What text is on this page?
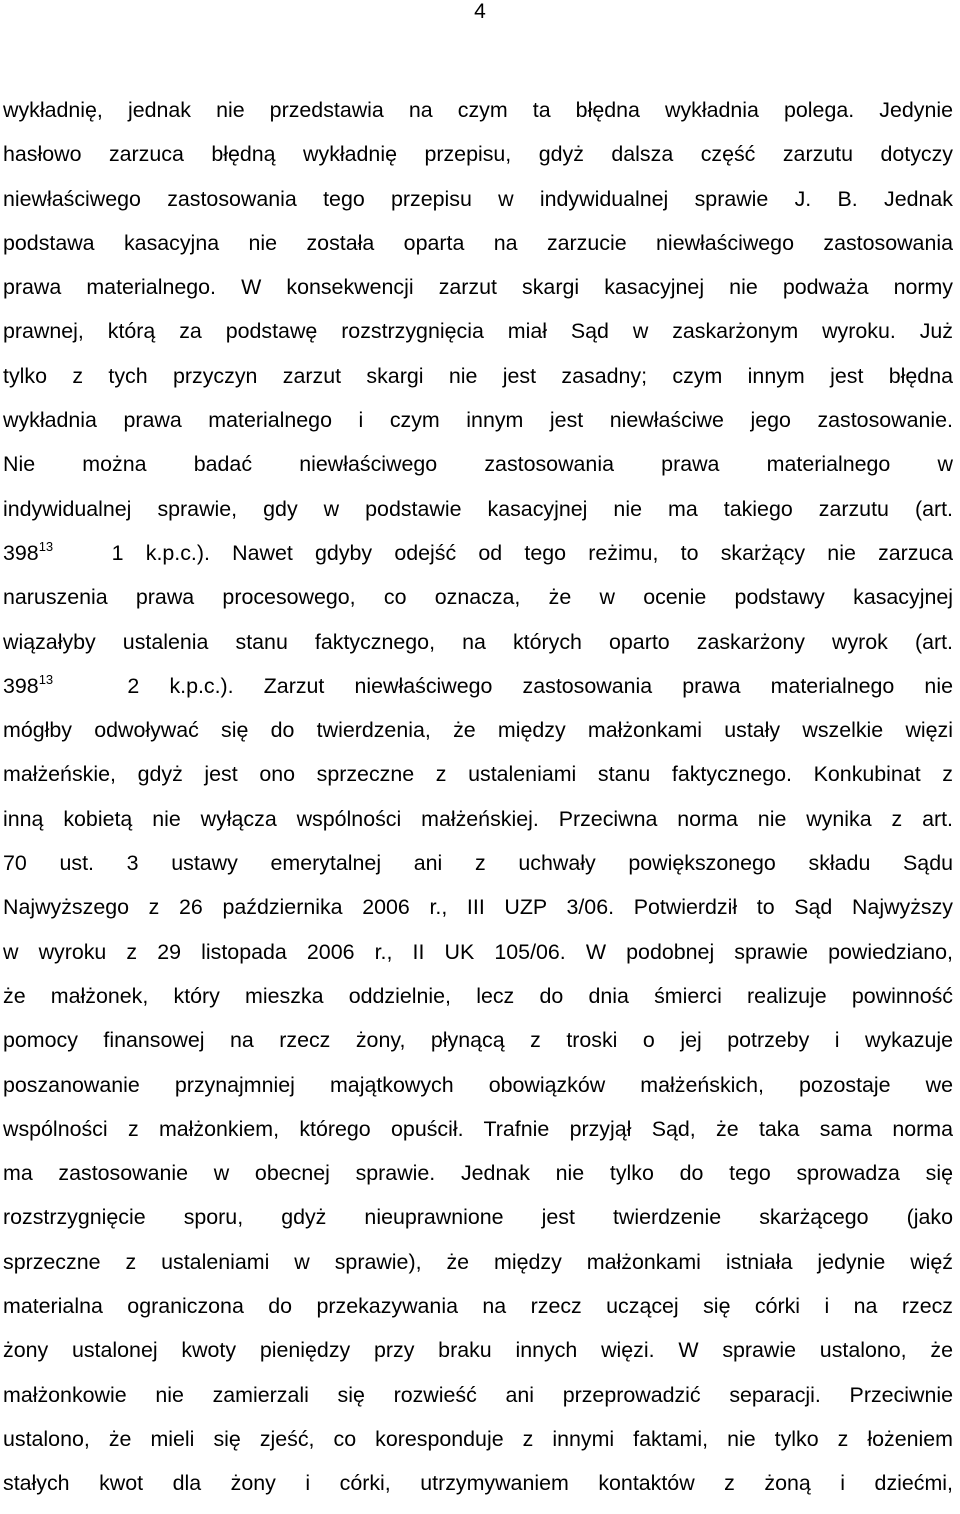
4
wykładnię, jednak nie przedstawia na czym ta błędna wykładnia polega. Jedynie
hasłowo zarzuca błędną wykładnię przepisu, gdyż dalsza część zarzutu dotyczy
niewłaściwego zastosowania tego przepisu w indywidualnej sprawie J. B. Jednak
podstawa kasacyjna nie została oparta na zarzucie niewłaściwego zastosowania
prawa materialnego. W konsekwencji zarzut skargi kasacyjnej nie podważa normy
prawnej, którą za podstawę rozstrzygnięcia miał Sąd w zaskarżonym wyroku. Już
tylko z tych przyczyn zarzut skargi nie jest zasadny; czym innym jest błędna
wykładnia prawa materialnego i czym innym jest niewłaściwe jego zastosowanie.
Nie można badać niewłaściwego zastosowania prawa materialnego w
indywidualnej sprawie, gdy w podstawie kasacyjnej nie ma takiego zarzutu (art.
$398^{13}$	1 k.p.c.). Nawet gdyby odejść od tego reżimu, to skarżący nie zarzuca
naruszenia prawa procesowego, co oznacza, że w ocenie podstawy kasacyjnej
wiązałyby ustalenia stanu faktycznego, na których oparto zaskarżony wyrok (art.
$398^{13}$	2 k.p.c.). Zarzut niewłaściwego zastosowania prawa materialnego nie
mógłby odwoływać się do twierdzenia, że między małżonkami ustały wszelkie więzi
małżeńskie, gdyż jest ono sprzeczne z ustaleniami stanu faktycznego. Konkubinat z
inną kobietą nie wyłącza wspólności małżeńskiej. Przeciwna norma nie wynika z art.
70 ust. 3 ustawy emerytalnej ani z uchwały powiększonego składu Sądu
Najwyższego z 26 października 2006 r., III UZP 3/06. Potwierdził to Sąd Najwyższy
w wyroku z 29 listopada 2006 r., II UK 105/06. W podobnej sprawie powiedziano,
że małżonek, który mieszka oddzielnie, lecz do dnia śmierci realizuje powinność
pomocy finansowej na rzecz żony, płynącą z troski o jej potrzeby i wykazuje
poszanowanie przynajmniej majątkowych obowiązków małżeńskich, pozostaje we
wspólności z małżonkiem, którego opuścił. Trafnie przyjął Sąd, że taka sama norma
ma zastosowanie w obecnej sprawie. Jednak nie tylko do tego sprowadza się
rozstrzygnięcie sporu, gdyż nieuprawnione jest twierdzenie skarżącego (jako
sprzeczne z ustaleniami w sprawie), że między małżonkami istniała jedynie więź
materialna ograniczona do przekazywania na rzecz uczącej się córki i na rzecz
żony ustalonej kwoty pieniędzy przy braku innych więzi. W sprawie ustalono, że
małżonkowie nie zamierzali się rozwieść ani przeprowadzić separacji. Przeciwnie
ustalono, że mieli się zjeść, co koresponduje z innymi faktami, nie tylko z łożeniem
stałych kwot dla żony i córki, utrzymywaniem kontaktów z żoną i dziećmi,
